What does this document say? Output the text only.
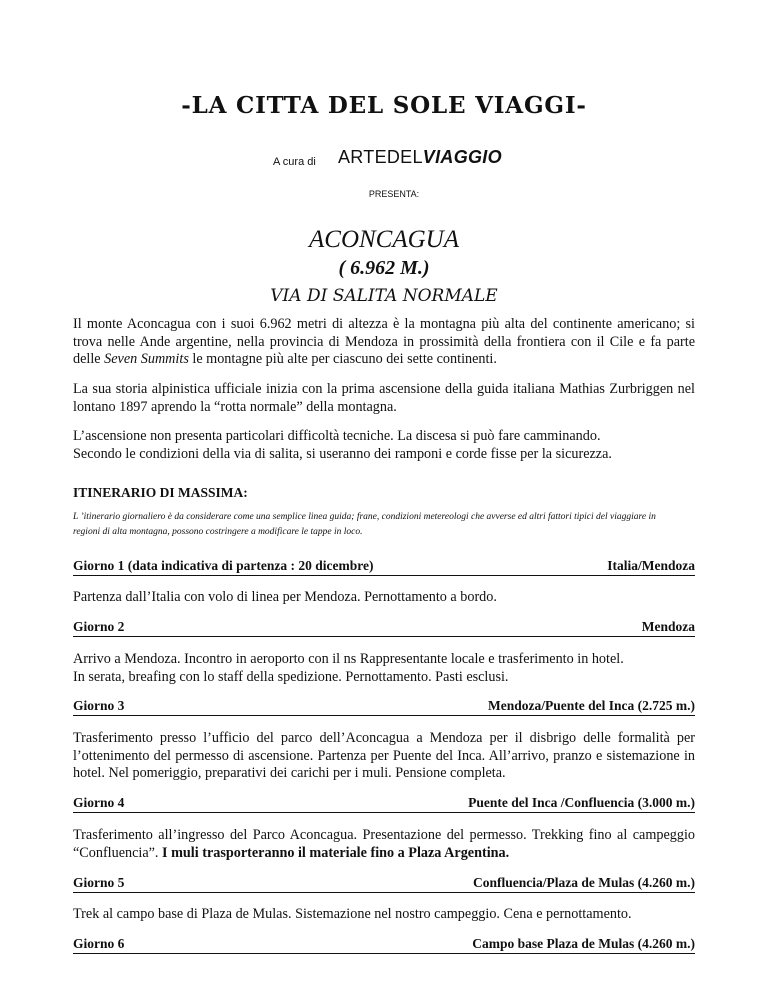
-LA CITTA DEL SOLE VIAGGI-
A cura di ARTEDELVIAGGIO
PRESENTA:
ACONCAGUA
( 6.962 M.)
VIA DI SALITA NORMALE

Il monte Aconcagua con i suoi 6.962 metri di altezza è la montagna più alta del continente americano; si trova nelle Ande argentine, nella provincia di Mendoza in prossimità della frontiera con il Cile e fa parte delle Seven Summits le montagne più alte per ciascuno dei sette continenti.

La sua storia alpinistica ufficiale inizia con la prima ascensione della guida italiana Mathias Zurbriggen nel lontano 1897 aprendo la “rotta normale” della montagna.

L’ascensione non presenta particolari difficoltà tecniche. La discesa si può fare camminando.

Secondo le condizioni della via di salita, si useranno dei ramponi e corde fisse per la sicurezza.

ITINERARIO DI MASSIMA:
L ’itinerario giornaliero è da considerare come una semplice linea guida; frane, condizioni metereologi che avverse ed altri fattori tipici del viaggiare in regioni di alta montagna, possono costringere a modificare le tappe in loco.
Giorno 1 (data indicativa di partenza : 20 dicembre)	Italia/Mendoza

Partenza dall’Italia con volo di linea per Mendoza. Pernottamento a bordo.

Giorno 2	Mendoza

Arrivo a Mendoza. Incontro in aeroporto con il ns Rappresentante locale e trasferimento in hotel.

In serata, breafing con lo staff della spedizione. Pernottamento. Pasti esclusi.

Giorno 3	Mendoza/Puente del Inca (2.725 m.)

Trasferimento presso l’ufficio del parco dell’Aconcagua a Mendoza per il disbrigo delle formalità per l’ottenimento del permesso di ascensione. Partenza per Puente del Inca. All’arrivo, pranzo e sistemazione in hotel. Nel pomeriggio, preparativi dei carichi per i muli. Pensione completa.

Giorno 4	Puente del Inca /Confluencia (3.000 m.)

Trasferimento all’ingresso del Parco Aconcagua. Presentazione del permesso. Trekking fino al campeggio “Confluencia”. I muli trasporteranno il materiale fino a Plaza Argentina.

Giorno 5	Confluencia/Plaza de Mulas (4.260 m.)

Trek al campo base di Plaza de Mulas. Sistemazione nel nostro campeggio. Cena e pernottamento.

Giorno 6	Campo base Plaza de Mulas (4.260 m.)
